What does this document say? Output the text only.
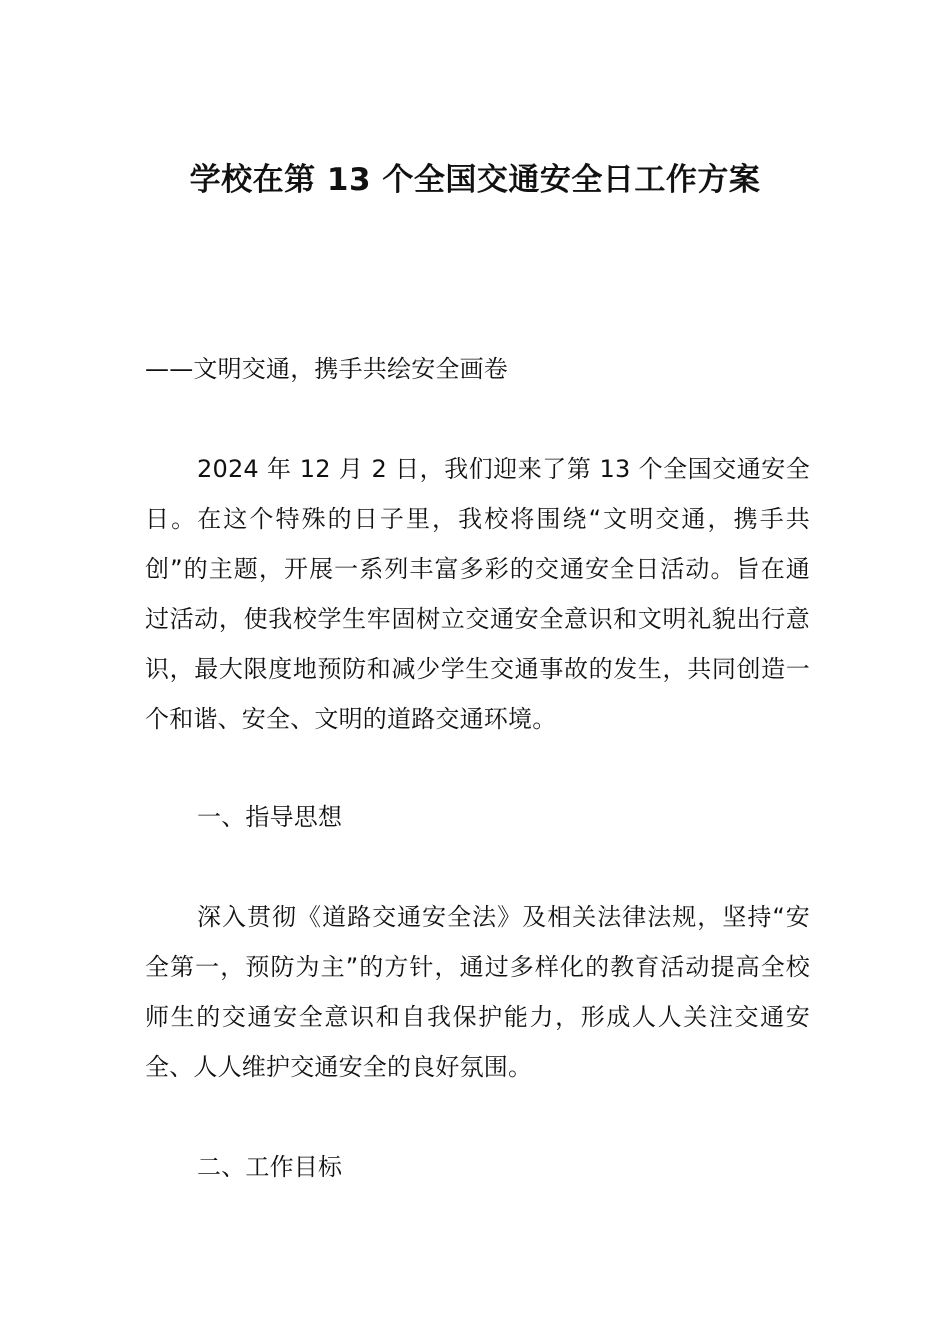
学校在第 13 个全国交通安全日工作方案

——文明交通，携手共绘安全画卷

2024 年 12 月 2 日，我们迎来了第 13 个全国交通安全日。在这个特殊的日子里，我校将围绕“文明交通，携手共创”的主题，开展一系列丰富多彩的交通安全日活动。旨在通过活动，使我校学生牢固树立交通安全意识和文明礼貌出行意识，最大限度地预防和减少学生交通事故的发生，共同创造一个和谐、安全、文明的道路交通环境。

一、指导思想

深入贯彻《道路交通安全法》及相关法律法规，坚持“安全第一，预防为主”的方针，通过多样化的教育活动提高全校师生的交通安全意识和自我保护能力，形成人人关注交通安全、人人维护交通安全的良好氛围。

二、工作目标
